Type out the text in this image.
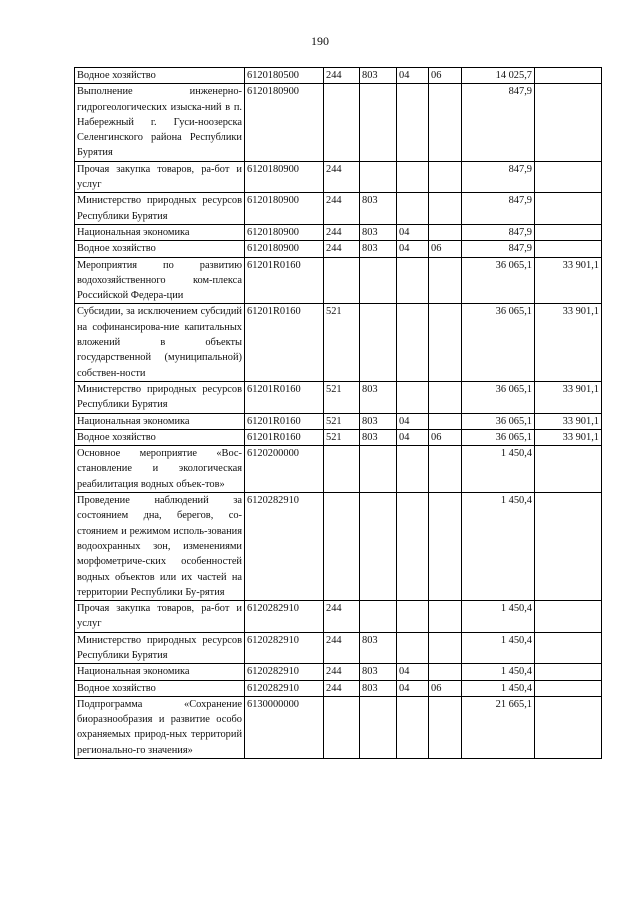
190
Водное хозяйство	6120180500	244	803	04	06	14 025,7	
Выполнение инженерно-гидрогеологических изыска-ний в п. Набережный г. Гуси-ноозерска Селенгинского района Республики Бурятия	6120180900					847,9	
Прочая закупка товаров, ра-бот и услуг	6120180900	244				847,9	
Министерство природных ресурсов Республики Бурятия	6120180900	244	803			847,9	
Национальная экономика	6120180900	244	803	04		847,9	
Водное хозяйство	6120180900	244	803	04	06	847,9	
Мероприятия по развитию водохозяйственного ком-плекса Российской Федера-ции	61201R0160					36 065,1	33 901,1
Субсидии, за исключением субсидий на софинансирова-ние капитальных вложений в объекты государственной (муниципальной) собствен-ности	61201R0160	521				36 065,1	33 901,1
Министерство природных ресурсов Республики Бурятия	61201R0160	521	803			36 065,1	33 901,1
Национальная экономика	61201R0160	521	803	04		36 065,1	33 901,1
Водное хозяйство	61201R0160	521	803	04	06	36 065,1	33 901,1
Основное мероприятие «Вос-становление и экологическая реабилитация водных объек-тов»	6120200000					1 450,4	
Проведение наблюдений за состоянием дна, берегов, со-стоянием и режимом исполь-зования водоохранных зон, изменениями морфометриче-ских особенностей водных объектов или их частей на территории Республики Бу-рятия	6120282910					1 450,4	
Прочая закупка товаров, ра-бот и услуг	6120282910	244				1 450,4	
Министерство природных ресурсов Республики Бурятия	6120282910	244	803			1 450,4	
Национальная экономика	6120282910	244	803	04		1 450,4	
Водное хозяйство	6120282910	244	803	04	06	1 450,4	
Подпрограмма «Сохранение биоразнообразия и развитие особо охраняемых природ-ных территорий регионально-го значения»	6130000000					21 665,1	
